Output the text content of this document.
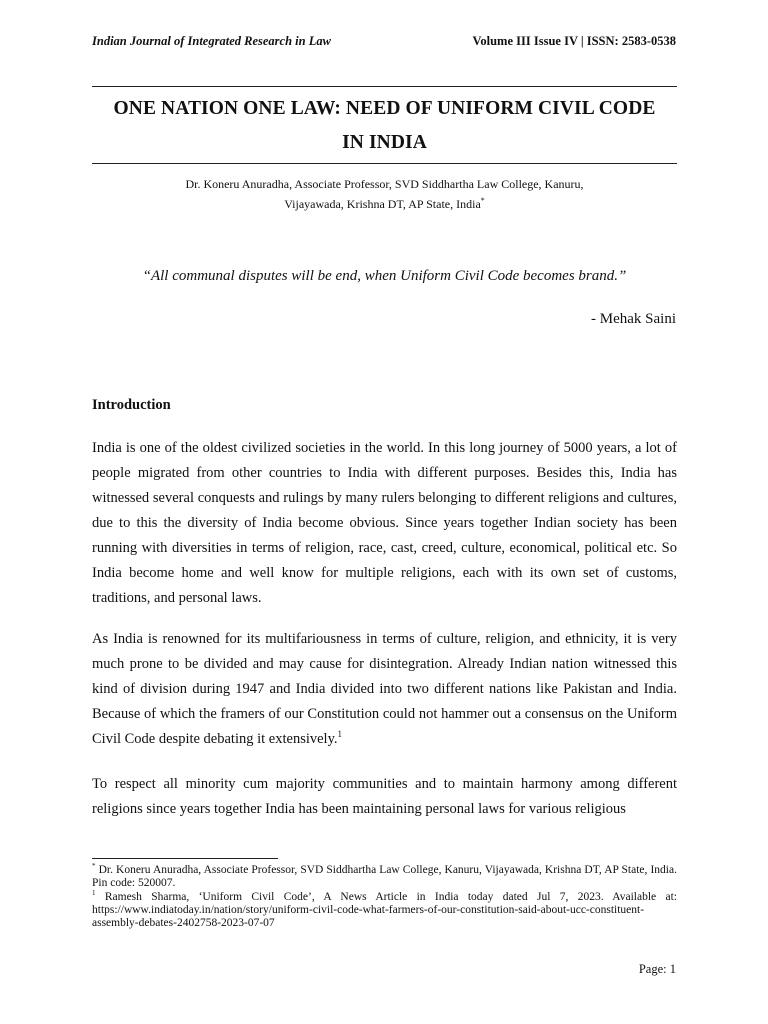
Indian Journal of Integrated Research in Law	Volume III Issue IV | ISSN: 2583-0538
ONE NATION ONE LAW: NEED OF UNIFORM CIVIL CODE
IN INDIA
Dr. Koneru Anuradha, Associate Professor, SVD Siddhartha Law College, Kanuru,
Vijayawada, Krishna DT, AP State, India*
“All communal disputes will be end, when Uniform Civil Code becomes brand.”
- Mehak Saini
Introduction
India is one of the oldest civilized societies in the world. In this long journey of 5000 years, a lot of people migrated from other countries to India with different purposes. Besides this, India has witnessed several conquests and rulings by many rulers belonging to different religions and cultures, due to this the diversity of India become obvious. Since years together Indian society has been running with diversities in terms of religion, race, cast, creed, culture, economical, political etc. So India become home and well know for multiple religions, each with its own set of customs, traditions, and personal laws.
As India is renowned for its multifariousness in terms of culture, religion, and ethnicity, it is very much prone to be divided and may cause for disintegration. Already Indian nation witnessed this kind of division during 1947 and India divided into two different nations like Pakistan and India. Because of which the framers of our Constitution could not hammer out a consensus on the Uniform Civil Code despite debating it extensively.$^1$
To respect all minority cum majority communities and to maintain harmony among different religions since years together India has been maintaining personal laws for various religious

* Dr. Koneru Anuradha, Associate Professor, SVD Siddhartha Law College, Kanuru, Vijayawada, Krishna DT, AP State, India. Pin code: 520007.

$^1$ Ramesh Sharma, ‘Uniform Civil Code’, A News Article in India today dated Jul 7, 2023. Available at: https://www.indiatoday.in/nation/story/uniform-civil-code-what-farmers-of-our-constitution-said-about-ucc-constituent-assembly-debates-2402758-2023-07-07

Page: 1
